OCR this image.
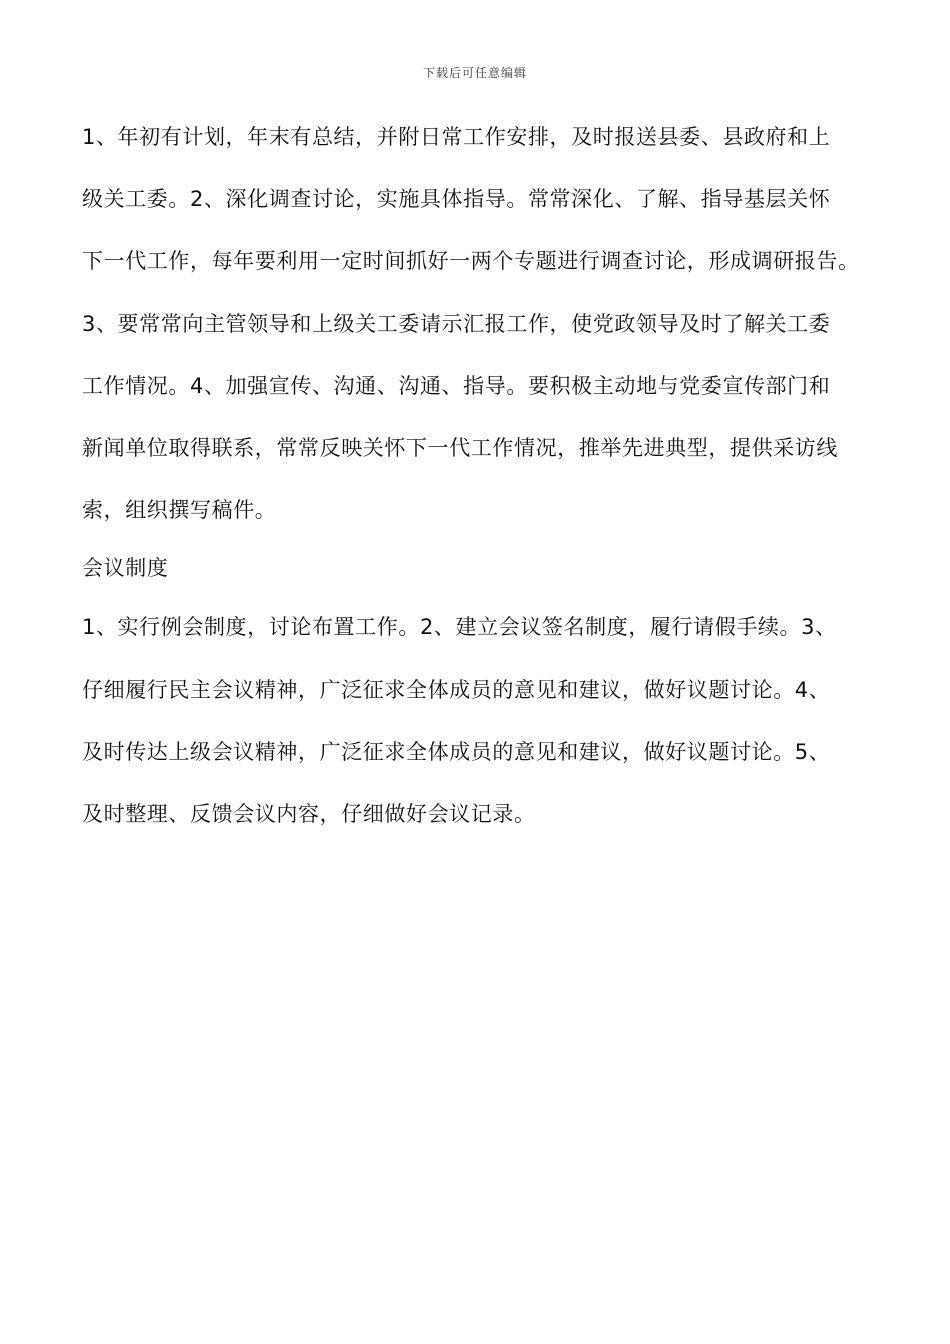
下载后可任意编辑

1、年初有计划，年末有总结，并附日常工作安排，及时报送县委、县政府和上

级关工委。2、深化调查讨论，实施具体指导。常常深化、了解、指导基层关怀

下一代工作，每年要利用一定时间抓好一两个专题进行调查讨论，形成调研报告。

3、要常常向主管领导和上级关工委请示汇报工作，使党政领导及时了解关工委

工作情况。4、加强宣传、沟通、沟通、指导。要积极主动地与党委宣传部门和

新闻单位取得联系，常常反映关怀下一代工作情况，推举先进典型，提供采访线

索，组织撰写稿件。

会议制度

1、实行例会制度，讨论布置工作。2、建立会议签名制度，履行请假手续。3、

仔细履行民主会议精神，广泛征求全体成员的意见和建议，做好议题讨论。4、

及时传达上级会议精神，广泛征求全体成员的意见和建议，做好议题讨论。5、

及时整理、反馈会议内容，仔细做好会议记录。
